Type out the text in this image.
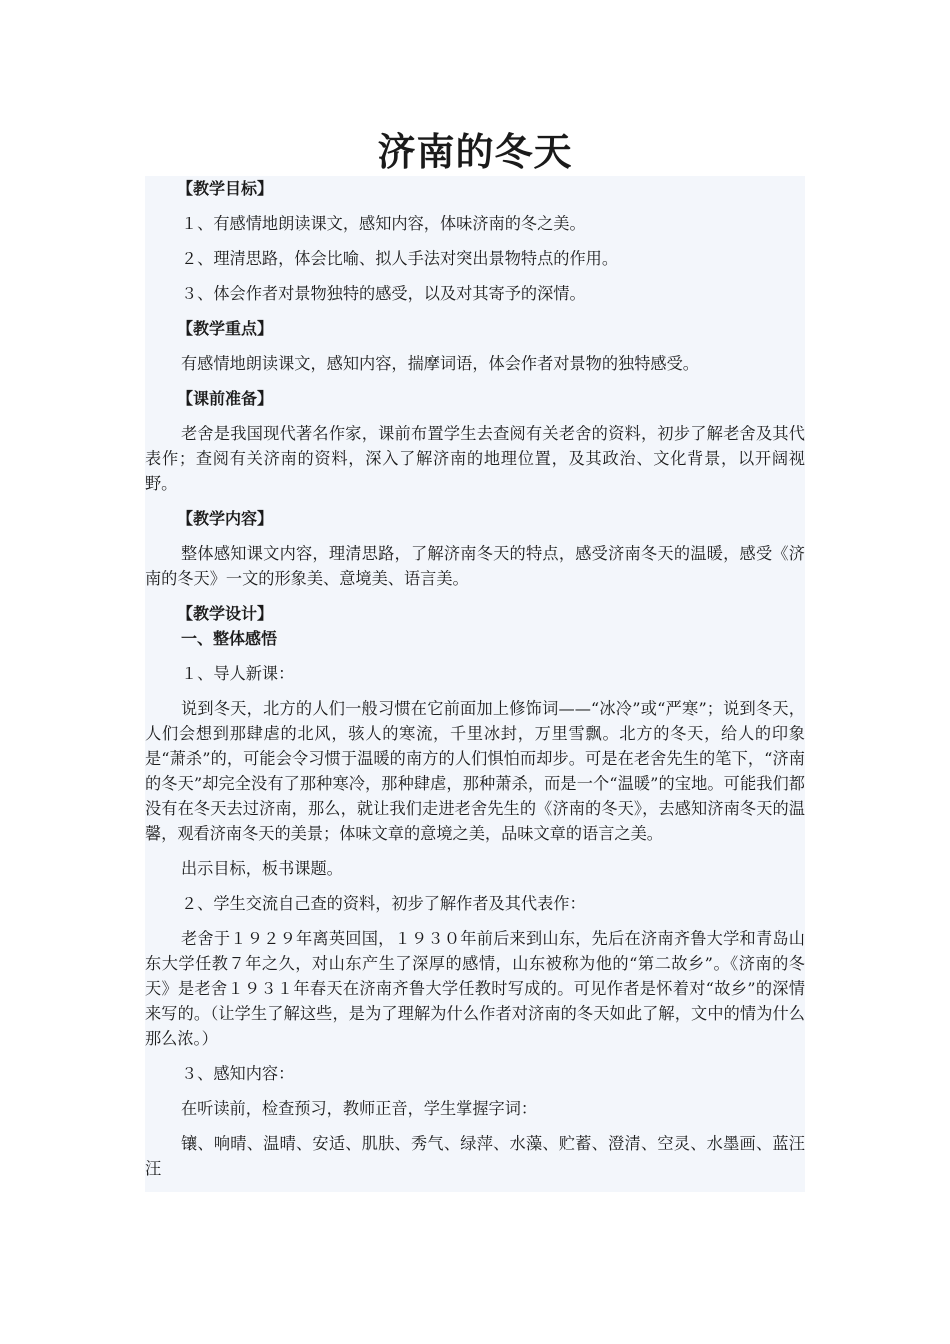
济南的冬天

【教学目标】

１、有感情地朗读课文，感知内容，体味济南的冬之美。

２、理清思路，体会比喻、拟人手法对突出景物特点的作用。

３、体会作者对景物独特的感受，以及对其寄予的深情。

【教学重点】

有感情地朗读课文，感知内容，揣摩词语，体会作者对景物的独特感受。

【课前准备】

老舍是我国现代著名作家，课前布置学生去查阅有关老舍的资料，初步了解老舍及其代表作；查阅有关济南的资料，深入了解济南的地理位置，及其政治、文化背景，以开阔视野。

【教学内容】

整体感知课文内容，理清思路，了解济南冬天的特点，感受济南冬天的温暖，感受《济南的冬天》一文的形象美、意境美、语言美。

【教学设计】

一、整体感悟

１、导人新课：

说到冬天，北方的人们一般习惯在它前面加上修饰词——“冰冷”或“严寒”；说到冬天，人们会想到那肆虐的北风，骇人的寒流，千里冰封，万里雪飘。北方的冬天，给人的印象是“萧杀”的，可能会令习惯于温暖的南方的人们惧怕而却步。可是在老舍先生的笔下，“济南的冬天”却完全没有了那种寒冷，那种肆虐，那种萧杀，而是一个“温暖”的宝地。可能我们都没有在冬天去过济南，那么，就让我们走进老舍先生的《济南的冬天》，去感知济南冬天的温馨，观看济南冬天的美景；体味文章的意境之美，品味文章的语言之美。

出示目标，板书课题。

２、学生交流自己查的资料，初步了解作者及其代表作：

老舍于１９２９年离英回国，１９３０年前后来到山东，先后在济南齐鲁大学和青岛山东大学任教７年之久，对山东产生了深厚的感情，山东被称为他的“第二故乡”。《济南的冬天》是老舍１９３１年春天在济南齐鲁大学任教时写成的。可见作者是怀着对“故乡”的深情来写的。（让学生了解这些，是为了理解为什么作者对济南的冬天如此了解，文中的情为什么那么浓。）

３、感知内容：

在听读前，检查预习，教师正音，学生掌握字词：

镶、响晴、温晴、安适、肌肤、秀气、绿萍、水藻、贮蓄、澄清、空灵、水墨画、蓝汪汪
